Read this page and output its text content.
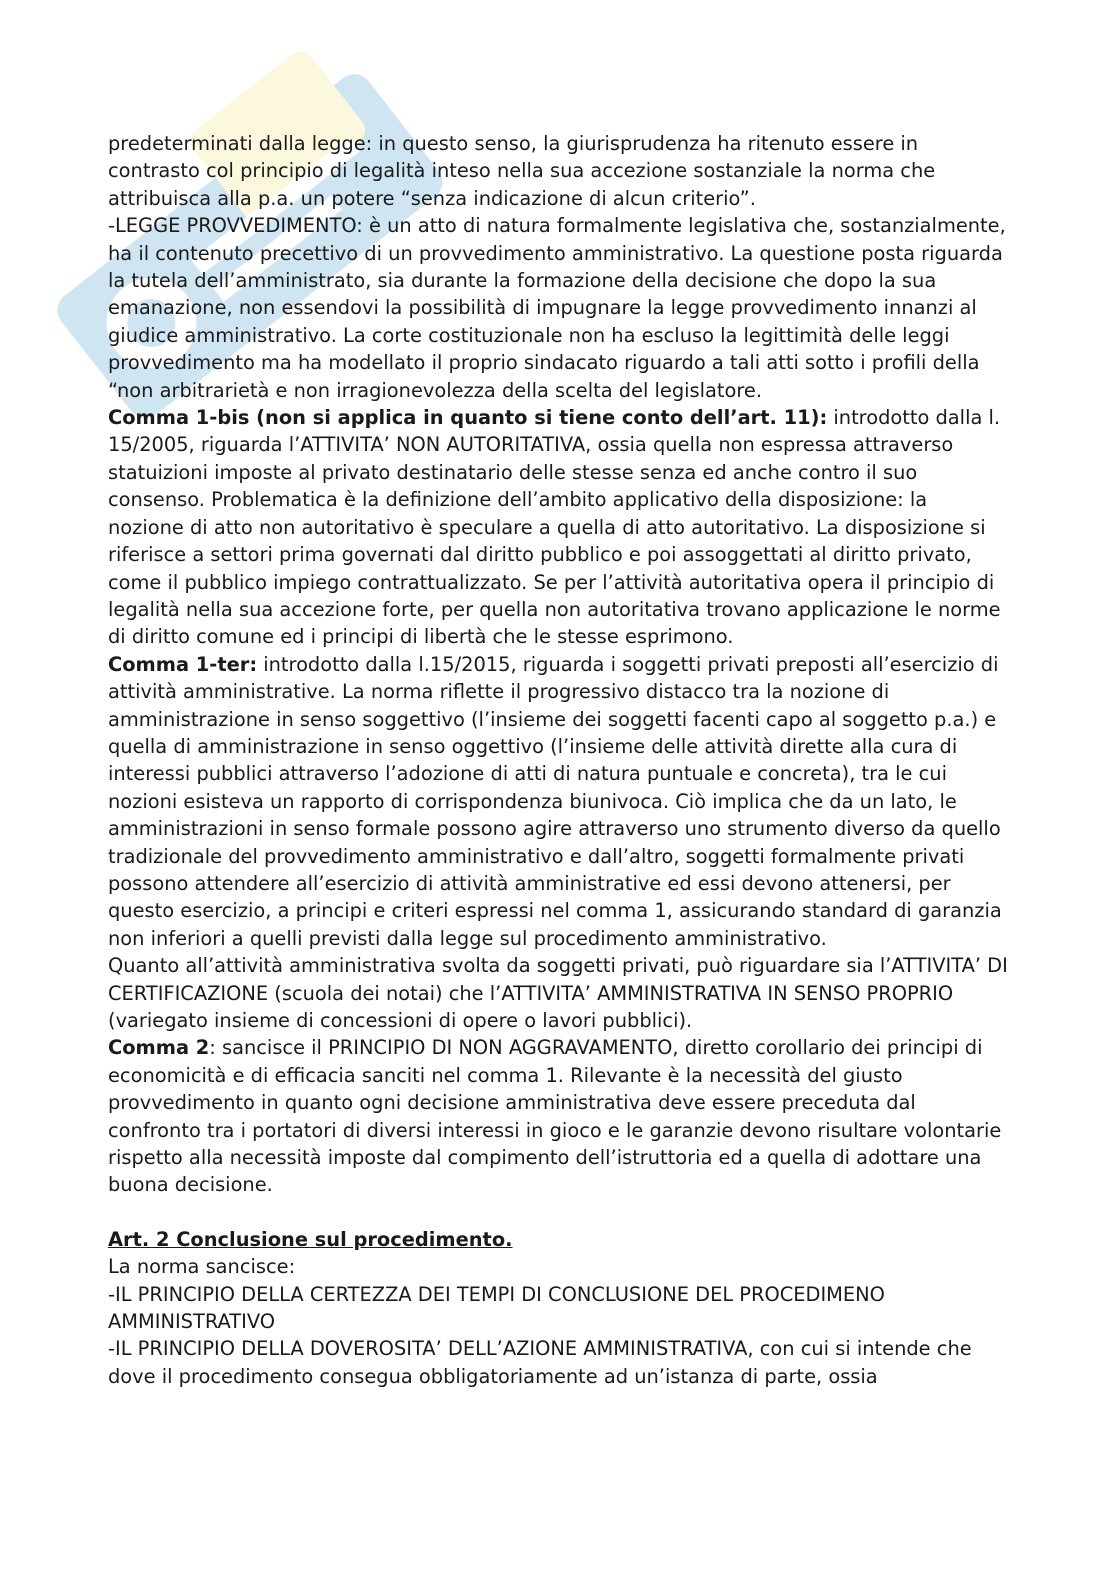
predeterminati dalla legge: in questo senso, la giurisprudenza ha ritenuto essere in contrasto col principio di legalità inteso nella sua accezione sostanziale la norma che attribuisca alla p.a. un potere “senza indicazione di alcun criterio”.

-LEGGE PROVVEDIMENTO: è un atto di natura formalmente legislativa che, sostanzialmente, ha il contenuto precettivo di un provvedimento amministrativo. La questione posta riguarda la tutela dell’amministrato, sia durante la formazione della decisione che dopo la sua emanazione, non essendovi la possibilità di impugnare la legge provvedimento innanzi al giudice amministrativo. La corte costituzionale non ha escluso la legittimità delle leggi provvedimento ma ha modellato il proprio sindacato riguardo a tali atti sotto i profili della “non arbitrarietà e non irragionevolezza della scelta del legislatore.

Comma 1-bis (non si applica in quanto si tiene conto dell’art. 11): introdotto dalla l. 15/2005, riguarda l’ATTIVITA’ NON AUTORITATIVA, ossia quella non espressa attraverso statuizioni imposte al privato destinatario delle stesse senza ed anche contro il suo consenso. Problematica è la definizione dell’ambito applicativo della disposizione: la nozione di atto non autoritativo è speculare a quella di atto autoritativo. La disposizione si riferisce a settori prima governati dal diritto pubblico e poi assoggettati al diritto privato, come il pubblico impiego contrattualizzato. Se per l’attività autoritativa opera il principio di legalità nella sua accezione forte, per quella non autoritativa trovano applicazione le norme di diritto comune ed i principi di libertà che le stesse esprimono.

Comma 1-ter: introdotto dalla l.15/2015, riguarda i soggetti privati preposti all’esercizio di attività amministrative. La norma riflette il progressivo distacco tra la nozione di amministrazione in senso soggettivo (l’insieme dei soggetti facenti capo al soggetto p.a.) e quella di amministrazione in senso oggettivo (l’insieme delle attività dirette alla cura di interessi pubblici attraverso l’adozione di atti di natura puntuale e concreta), tra le cui nozioni esisteva un rapporto di corrispondenza biunivoca. Ciò implica che da un lato, le amministrazioni in senso formale possono agire attraverso uno strumento diverso da quello tradizionale del provvedimento amministrativo e dall’altro, soggetti formalmente privati possono attendere all’esercizio di attività amministrative ed essi devono attenersi, per questo esercizio, a principi e criteri espressi nel comma 1, assicurando standard di garanzia non inferiori a quelli previsti dalla legge sul procedimento amministrativo.

Quanto all’attività amministrativa svolta da soggetti privati, può riguardare sia l’ATTIVITA’ DI CERTIFICAZIONE (scuola dei notai) che l’ATTIVITA’ AMMINISTRATIVA IN SENSO PROPRIO (variegato insieme di concessioni di opere o lavori pubblici).

Comma 2: sancisce il PRINCIPIO DI NON AGGRAVAMENTO, diretto corollario dei principi di economicità e di efficacia sanciti nel comma 1. Rilevante è la necessità del giusto provvedimento in quanto ogni decisione amministrativa deve essere preceduta dal confronto tra i portatori di diversi interessi in gioco e le garanzie devono risultare volontarie rispetto alla necessità imposte dal compimento dell’istruttoria ed a quella di adottare una buona decisione.

Art. 2 Conclusione sul procedimento.

La norma sancisce:

-IL PRINCIPIO DELLA CERTEZZA DEI TEMPI DI CONCLUSIONE DEL PROCEDIMENO AMMINISTRATIVO

-IL PRINCIPIO DELLA DOVEROSITA’ DELL’AZIONE AMMINISTRATIVA, con cui si intende che dove il procedimento consegua obbligatoriamente ad un’istanza di parte, ossia
